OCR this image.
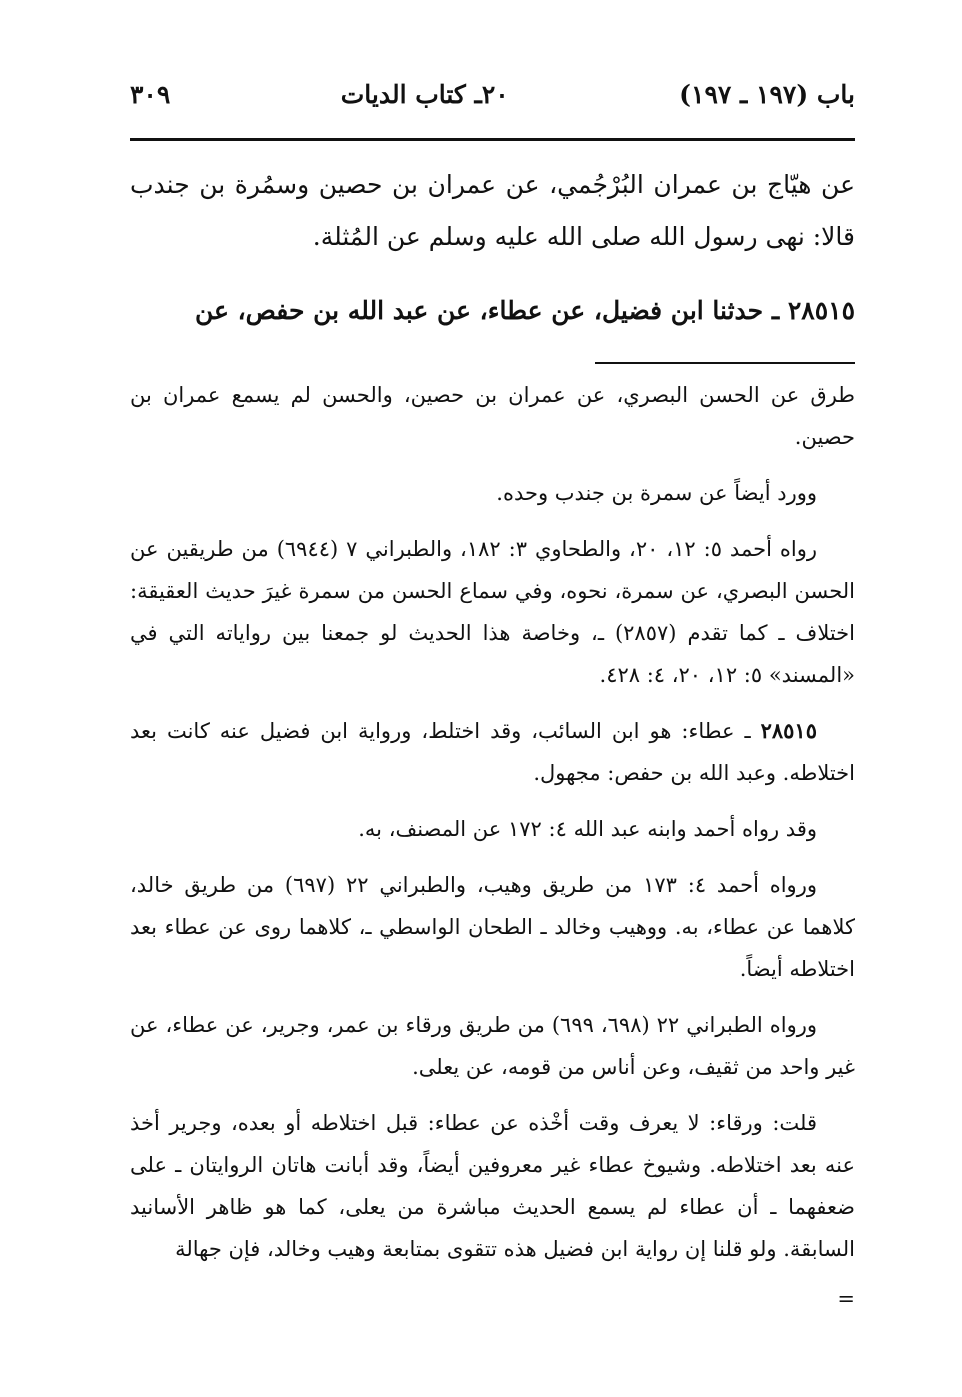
باب (١٩٧ ـ ١٩٧)
٢٠ـ كتاب الديات
٣٠٩

عن هيّاج بن عمران البُرْجُمي، عن عمران بن حصين وسمُرة بن جندب قالا: نهى رسول الله صلى الله عليه وسلم عن المُثلة.

٢٨٥١٥ ـ حدثنا ابن فضيل، عن عطاء، عن عبد الله بن حفص، عن

طرق عن الحسن البصري، عن عمران بن حصين، والحسن لم يسمع عمران بن حصين.

وورد أيضاً عن سمرة بن جندب وحده.

رواه أحمد ٥: ١٢، ٢٠، والطحاوي ٣: ١٨٢، والطبراني ٧ (٦٩٤٤) من طريقين عن الحسن البصري، عن سمرة، نحوه، وفي سماع الحسن من سمرة غيرَ حديث العقيقة: اختلاف ـ كما تقدم (٢٨٥٧) ـ، وخاصة هذا الحديث لو جمعنا بين رواياته التي في «المسند» ٥: ١٢، ٢٠، ٤: ٤٢٨.

٢٨٥١٥ ـ عطاء: هو ابن السائب، وقد اختلط، ورواية ابن فضيل عنه كانت بعد اختلاطه. وعبد الله بن حفص: مجهول.

وقد رواه أحمد وابنه عبد الله ٤: ١٧٢ عن المصنف، به.

ورواه أحمد ٤: ١٧٣ من طريق وهيب، والطبراني ٢٢ (٦٩٧) من طريق خالد، كلاهما عن عطاء، به. ووهيب وخالد ـ الطحان الواسطي ـ، كلاهما روى عن عطاء بعد اختلاطه أيضاً.

ورواه الطبراني ٢٢ (٦٩٨، ٦٩٩) من طريق ورقاء بن عمر، وجرير، عن عطاء، عن غير واحد من ثقيف، وعن أناس من قومه، عن يعلى.

قلت: ورقاء: لا يعرف وقت أخْذه عن عطاء: قبل اختلاطه أو بعده، وجرير أخذ عنه بعد اختلاطه. وشيوخ عطاء غير معروفين أيضاً، وقد أبانت هاتان الروايتان ـ على ضعفهما ـ أن عطاء لم يسمع الحديث مباشرة من يعلى، كما هو ظاهر الأسانيد السابقة. ولو قلنا إن رواية ابن فضيل هذه تتقوى بمتابعة وهيب وخالد، فإن جهالة

=
